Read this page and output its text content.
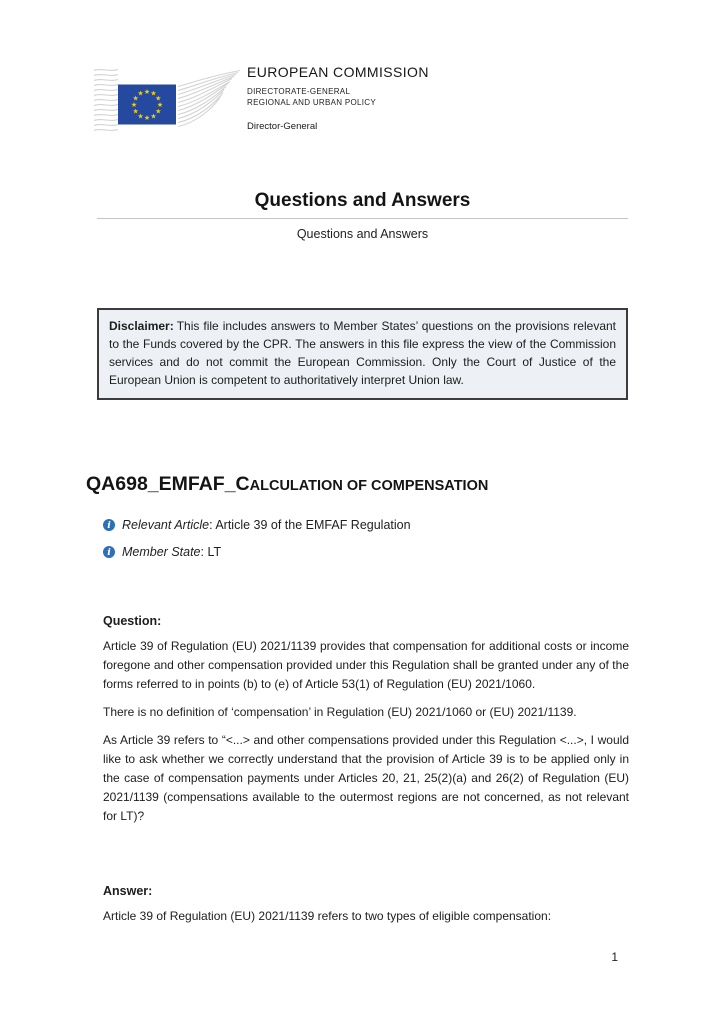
★ ★
★
★
★
★
★
★
★
★
★
★
EUROPEAN COMMISSION
DIRECTORATE-GENERAL
REGIONAL AND URBAN POLICY
Director-General
Questions and Answers
Questions and Answers
Disclaimer: This file includes answers to Member States’ questions on the provisions relevant to the Funds covered by the CPR. The answers in this file express the view of the Commission services and do not commit the European Commission. Only the Court of Justice of the European Union is competent to authoritatively interpret Union law.
QA698_EMFAF_CALCULATION OF COMPENSATION
i
Relevant Article : Article 39 of the EMFAF Regulation
i
Member State : LT
Question:

Article 39 of Regulation (EU) 2021/1139 provides that compensation for additional costs or income foregone and other compensation provided under this Regulation shall be granted under any of the forms referred to in points (b) to (e) of Article 53(1) of Regulation (EU) 2021/1060.

There is no definition of ‘compensation’ in Regulation (EU) 2021/1060 or (EU) 2021/1139.

As Article 39 refers to “<...> and other compensations provided under this Regulation <...>, I would like to ask whether we correctly understand that the provision of Article 39 is to be applied only in the case of compensation payments under Articles 20, 21, 25(2)(a) and 26(2) of Regulation (EU) 2021/1139 (compensations available to the outermost regions are not concerned, as not relevant for LT)?

Answer:

Article 39 of Regulation (EU) 2021/1139 refers to two types of eligible compensation:

1
